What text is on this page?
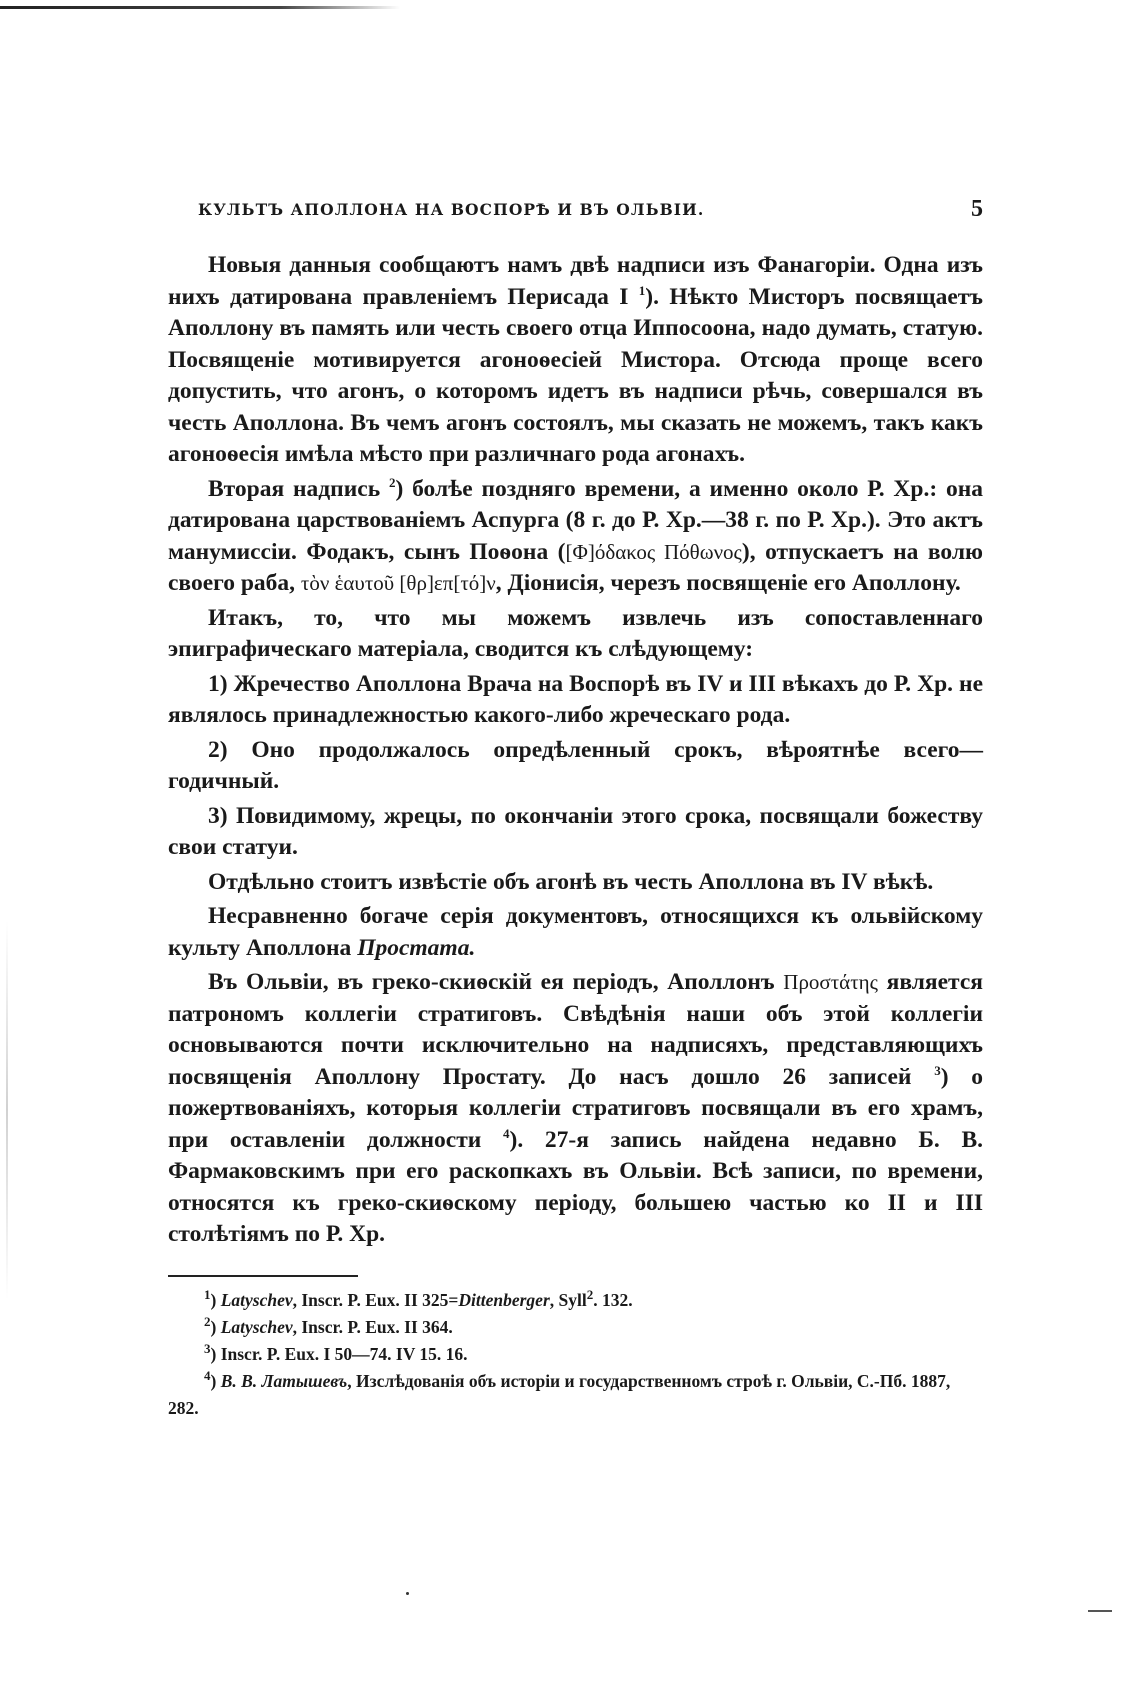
КУЛЬТЪ АПОЛЛОНА НА ВОСПОРѢ И ВЪ ОЛЬВІИ.	5

Новыя данныя сообщаютъ намъ двѣ надписи изъ Фанагоріи. Одна изъ нихъ датирована правленіемъ Перисада I $^1$). Нѣкто Мисторъ посвящаетъ Аполлону въ память или честь своего отца Иппосоона, надо думать, статую. Посвященіе мотивируется агоноѳесіей Мистора. Отсюда проще всего допустить, что агонъ, о которомъ идетъ въ надписи рѣчь, совершался въ честь Аполлона. Въ чемъ агонъ состоялъ, мы сказать не можемъ, такъ какъ агоноѳесія имѣла мѣсто при различнаго рода агонахъ.

Вторая надпись $^2$) болѣе поздняго времени, а именно около Р. Хр.: она датирована царствованіемъ Аспурга (8 г. до Р. Хр.—38 г. по Р. Хр.). Это актъ манумиссіи. Фодакъ, сынъ Поѳона ([Φ]όδακος Πόθωνος), отпускаетъ на волю своего раба, τὸν ἑαυτοῦ [θρ]επ[τό]ν, Діонисія, черезъ посвященіе его Аполлону.

Итакъ, то, что мы можемъ извлечь изъ сопоставленнаго эпиграфическаго матеріала, сводится къ слѣдующему:

1) Жречество Аполлона Врача на Воспорѣ въ IV и III вѣкахъ до Р. Хр. не являлось принадлежностью какого-либо жреческаго рода.

2) Оно продолжалось опредѣленный срокъ, вѣроятнѣе всего—годичный.

3) Повидимому, жрецы, по окончаніи этого срока, посвящали божеству свои статуи.

Отдѣльно стоитъ извѣстіе объ агонѣ въ честь Аполлона въ IV вѣкѣ.

Несравненно богаче серія документовъ, относящихся къ ольвійскому культу Аполлона Простата.

Въ Ольвіи, въ греко-скиѳскій ея періодъ, Аполлонъ Προστάτης является патрономъ коллегіи стратиговъ. Свѣдѣнія наши объ этой коллегіи основываются почти исключительно на надписяхъ, представляющихъ посвященія Аполлону Простату. До насъ дошло 26 записей $^3$) о пожертвованіяхъ, которыя коллегіи стратиговъ посвящали въ его храмъ, при оставленіи должности $^4$). 27-я запись найдена недавно Б. В. Фармаковскимъ при его раскопкахъ въ Ольвіи. Всѣ записи, по времени, относятся къ греко-скиѳскому періоду, большею частью ко II и III столѣтіямъ по Р. Хр.

$^1$) Latyschev, Inscr. P. Eux. II 325=Dittenberger, Syll$^2$. 132.

$^2$) Latyschev, Inscr. P. Eux. II 364.

$^3$) Inscr. P. Eux. I 50—74. IV 15. 16.

$^4$) В. В. Латышевъ, Изслѣдованія объ исторіи и государственномъ строѣ г. Ольвіи, С.-Пб. 1887, 282.
